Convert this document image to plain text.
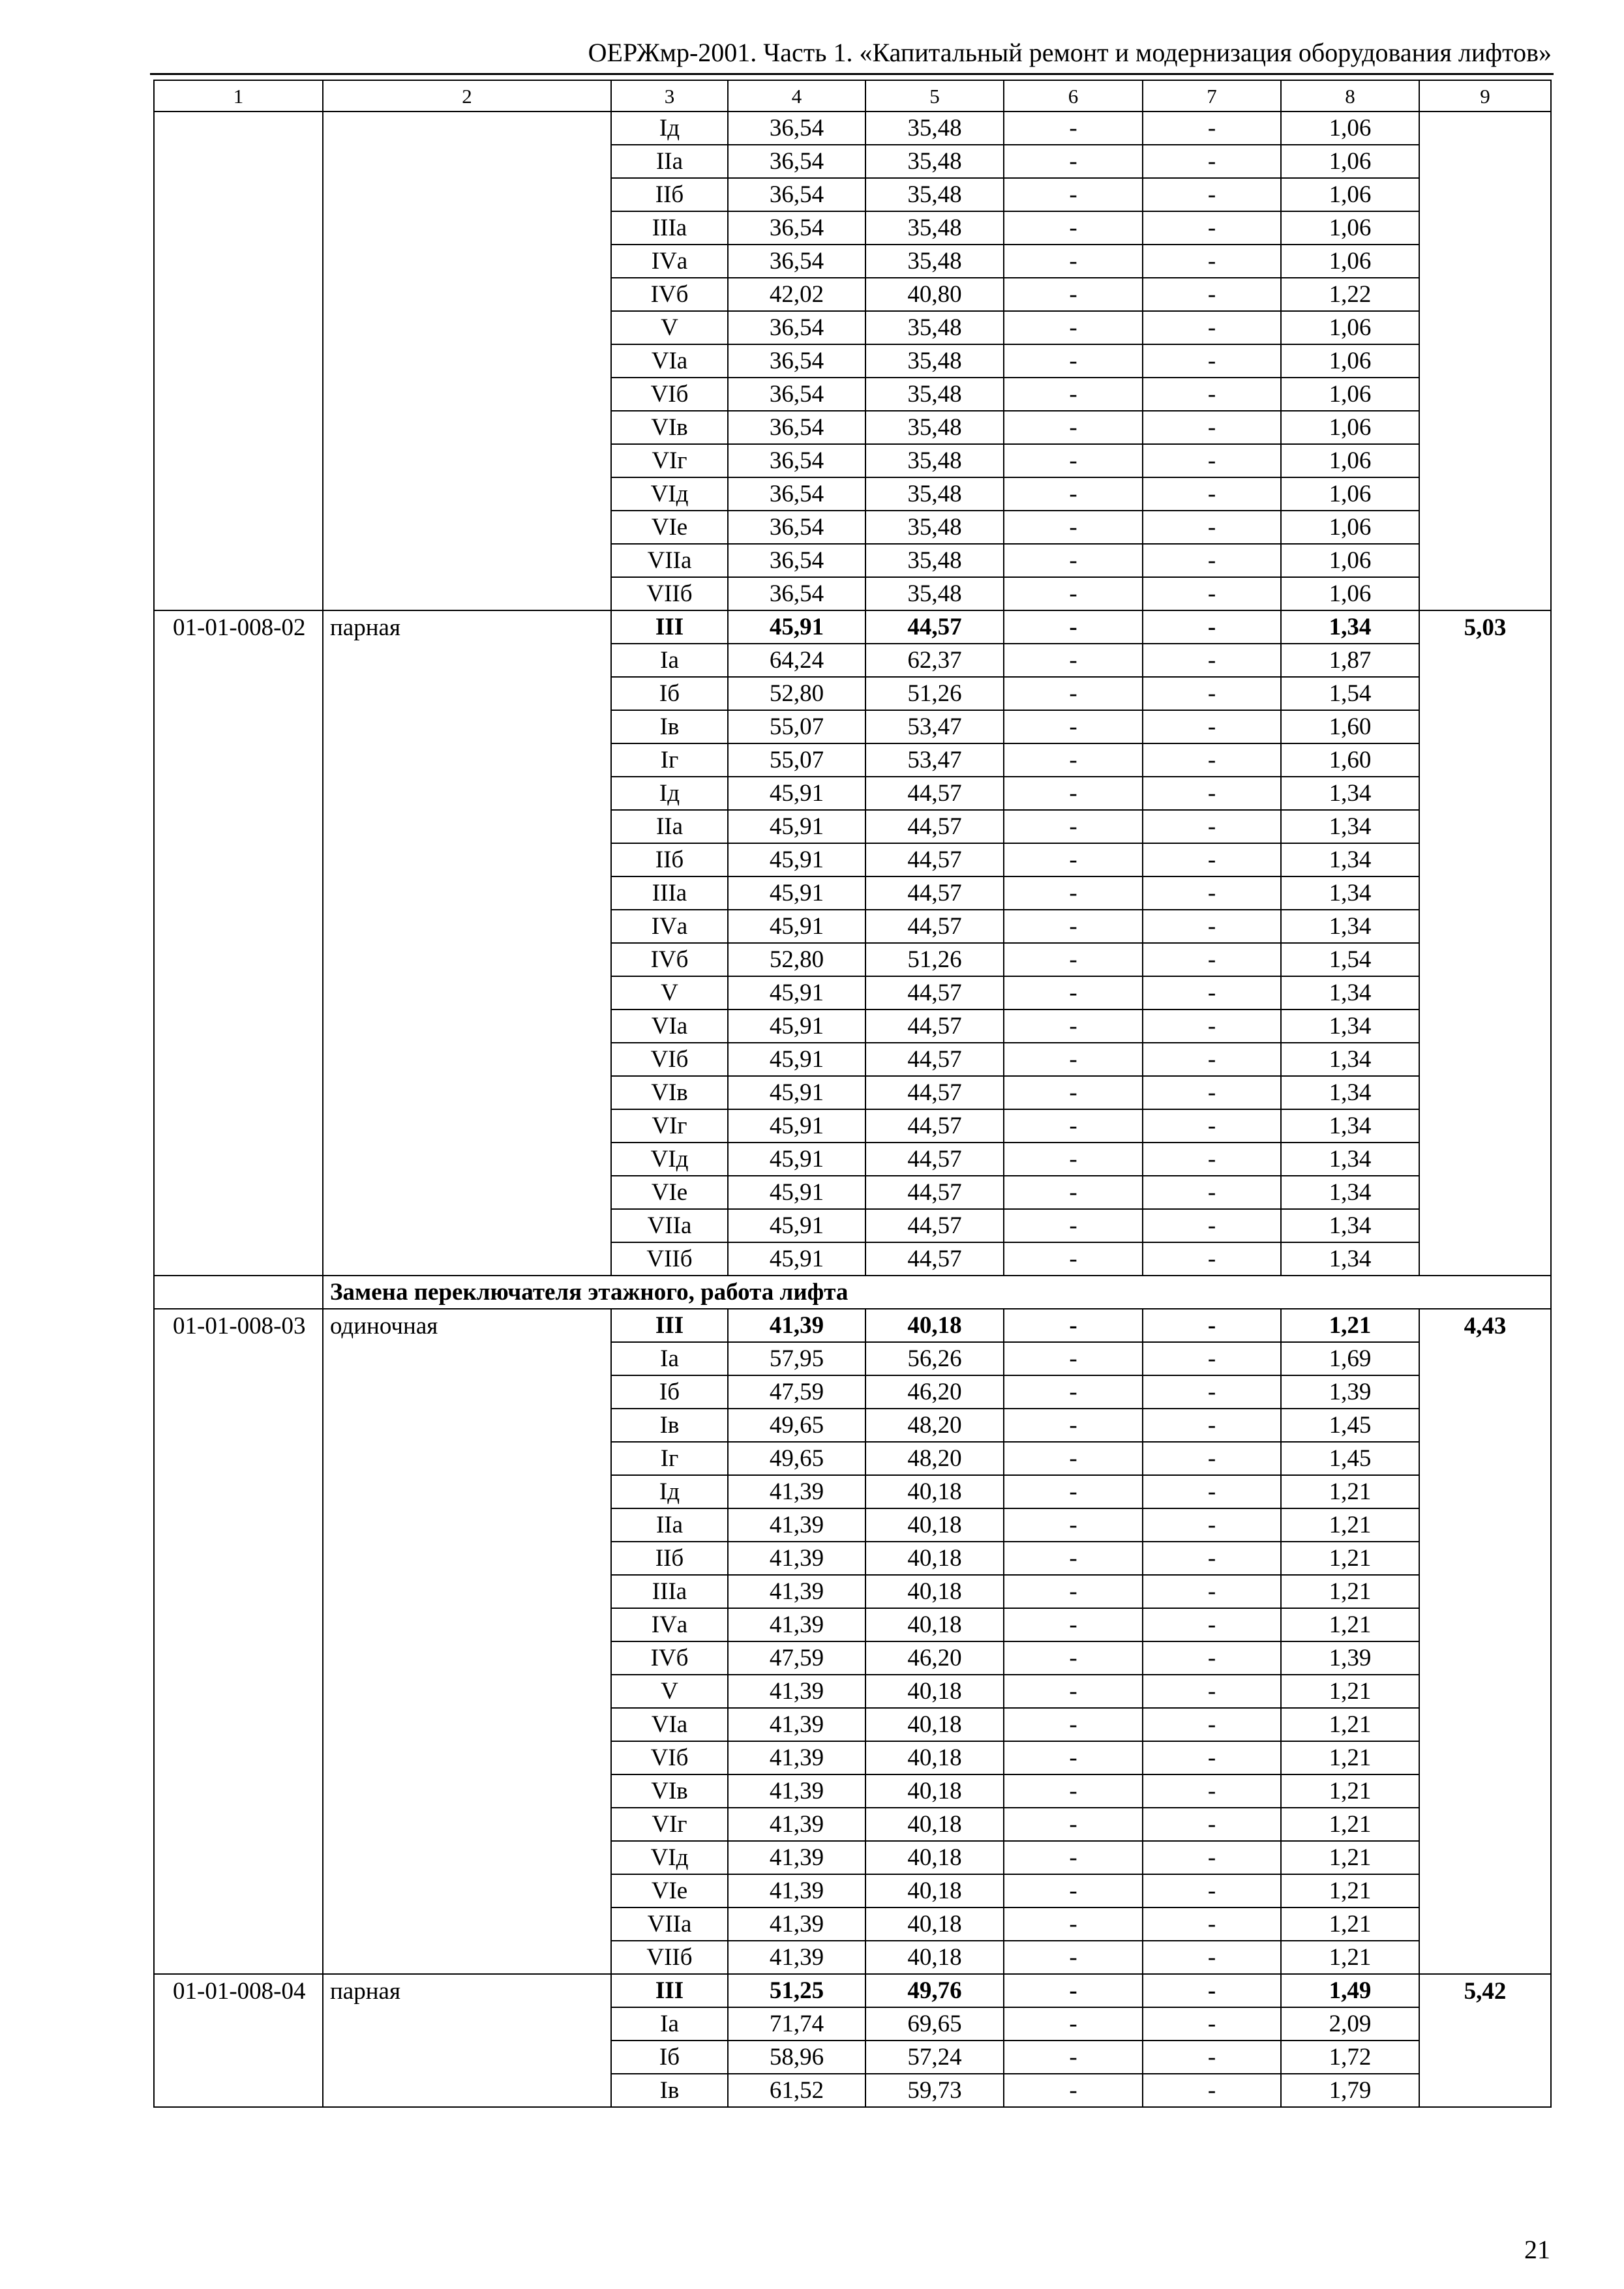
ОЕРЖмр-2001. Часть 1. «Капитальный ремонт и модернизация оборудования лифтов»
1	2	3	4	5	6	7	8	9
		Iд	36,54	35,48	-	-	1,06	
		IIа	36,54	35,48	-	-	1,06	
		IIб	36,54	35,48	-	-	1,06	
		IIIа	36,54	35,48	-	-	1,06	
		IVа	36,54	35,48	-	-	1,06	
		IVб	42,02	40,80	-	-	1,22	
		V	36,54	35,48	-	-	1,06	
		VIа	36,54	35,48	-	-	1,06	
		VIб	36,54	35,48	-	-	1,06	
		VIв	36,54	35,48	-	-	1,06	
		VIг	36,54	35,48	-	-	1,06	
		VIд	36,54	35,48	-	-	1,06	
		VIе	36,54	35,48	-	-	1,06	
		VIIа	36,54	35,48	-	-	1,06	
		VIIб	36,54	35,48	-	-	1,06	
01-01-008-02	парная	III	45,91	44,57	-	-	1,34	5,03
		Iа	64,24	62,37	-	-	1,87	
		Iб	52,80	51,26	-	-	1,54	
		Iв	55,07	53,47	-	-	1,60	
		Iг	55,07	53,47	-	-	1,60	
		Iд	45,91	44,57	-	-	1,34	
		IIа	45,91	44,57	-	-	1,34	
		IIб	45,91	44,57	-	-	1,34	
		IIIа	45,91	44,57	-	-	1,34	
		IVа	45,91	44,57	-	-	1,34	
		IVб	52,80	51,26	-	-	1,54	
		V	45,91	44,57	-	-	1,34	
		VIа	45,91	44,57	-	-	1,34	
		VIб	45,91	44,57	-	-	1,34	
		VIв	45,91	44,57	-	-	1,34	
		VIг	45,91	44,57	-	-	1,34	
		VIд	45,91	44,57	-	-	1,34	
		VIе	45,91	44,57	-	-	1,34	
		VIIа	45,91	44,57	-	-	1,34	
		VIIб	45,91	44,57	-	-	1,34	
	Замена переключателя этажного, работа лифта							
01-01-008-03	одиночная	III	41,39	40,18	-	-	1,21	4,43
		Iа	57,95	56,26	-	-	1,69	
		Iб	47,59	46,20	-	-	1,39	
		Iв	49,65	48,20	-	-	1,45	
		Iг	49,65	48,20	-	-	1,45	
		Iд	41,39	40,18	-	-	1,21	
		IIа	41,39	40,18	-	-	1,21	
		IIб	41,39	40,18	-	-	1,21	
		IIIа	41,39	40,18	-	-	1,21	
		IVа	41,39	40,18	-	-	1,21	
		IVб	47,59	46,20	-	-	1,39	
		V	41,39	40,18	-	-	1,21	
		VIа	41,39	40,18	-	-	1,21	
		VIб	41,39	40,18	-	-	1,21	
		VIв	41,39	40,18	-	-	1,21	
		VIг	41,39	40,18	-	-	1,21	
		VIд	41,39	40,18	-	-	1,21	
		VIе	41,39	40,18	-	-	1,21	
		VIIа	41,39	40,18	-	-	1,21	
		VIIб	41,39	40,18	-	-	1,21	
01-01-008-04	парная	III	51,25	49,76	-	-	1,49	5,42
		Iа	71,74	69,65	-	-	2,09	
		Iб	58,96	57,24	-	-	1,72	
		Iв	61,52	59,73	-	-	1,79	
21
